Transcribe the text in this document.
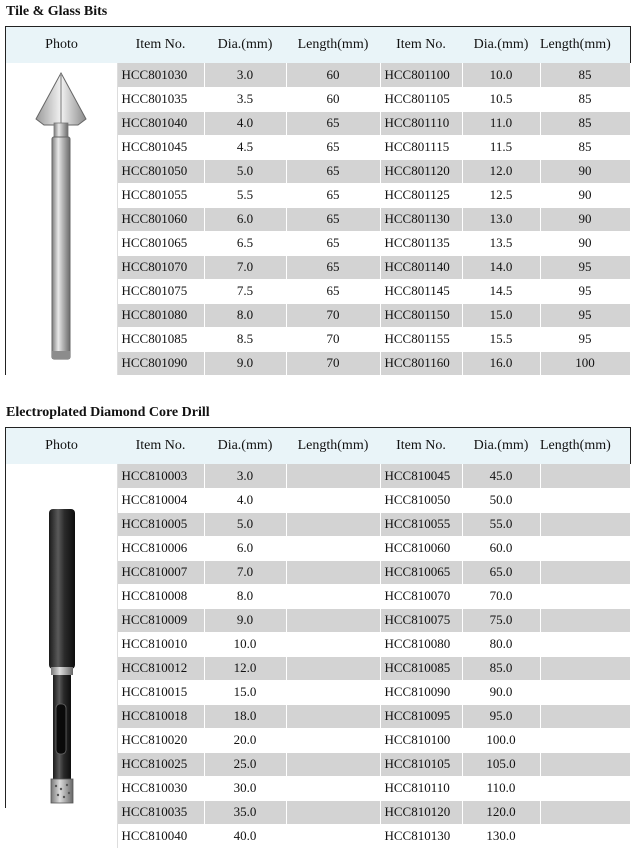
Tile & Glass Bits
Photo	Item No.	Dia.(mm)	Length(mm)	Item No.	Dia.(mm)	Length(mm)

	HCC801030	3.0	60	HCC801100	10.0	85
	HCC801035	3.5	60	HCC801105	10.5	85
	HCC801040	4.0	65	HCC801110	11.0	85
	HCC801045	4.5	65	HCC801115	11.5	85
	HCC801050	5.0	65	HCC801120	12.0	90
	HCC801055	5.5	65	HCC801125	12.5	90
	HCC801060	6.0	65	HCC801130	13.0	90
	HCC801065	6.5	65	HCC801135	13.5	90
	HCC801070	7.0	65	HCC801140	14.0	95
	HCC801075	7.5	65	HCC801145	14.5	95
	HCC801080	8.0	70	HCC801150	15.0	95
	HCC801085	8.5	70	HCC801155	15.5	95
	HCC801090	9.0	70	HCC801160	16.0	100
Electroplated Diamond Core Drill
Photo	Item No.	Dia.(mm)	Length(mm)	Item No.	Dia.(mm)	Length(mm)

	HCC810003	3.0		HCC810045	45.0	
	HCC810004	4.0		HCC810050	50.0	
	HCC810005	5.0		HCC810055	55.0	
	HCC810006	6.0		HCC810060	60.0	
	HCC810007	7.0		HCC810065	65.0	
	HCC810008	8.0		HCC810070	70.0	
	HCC810009	9.0		HCC810075	75.0	
	HCC810010	10.0		HCC810080	80.0	
	HCC810012	12.0		HCC810085	85.0	
	HCC810015	15.0		HCC810090	90.0	
	HCC810018	18.0		HCC810095	95.0	
	HCC810020	20.0		HCC810100	100.0	
	HCC810025	25.0		HCC810105	105.0	
	HCC810030	30.0		HCC810110	110.0	
	HCC810035	35.0		HCC810120	120.0	
	HCC810040	40.0		HCC810130	130.0	
